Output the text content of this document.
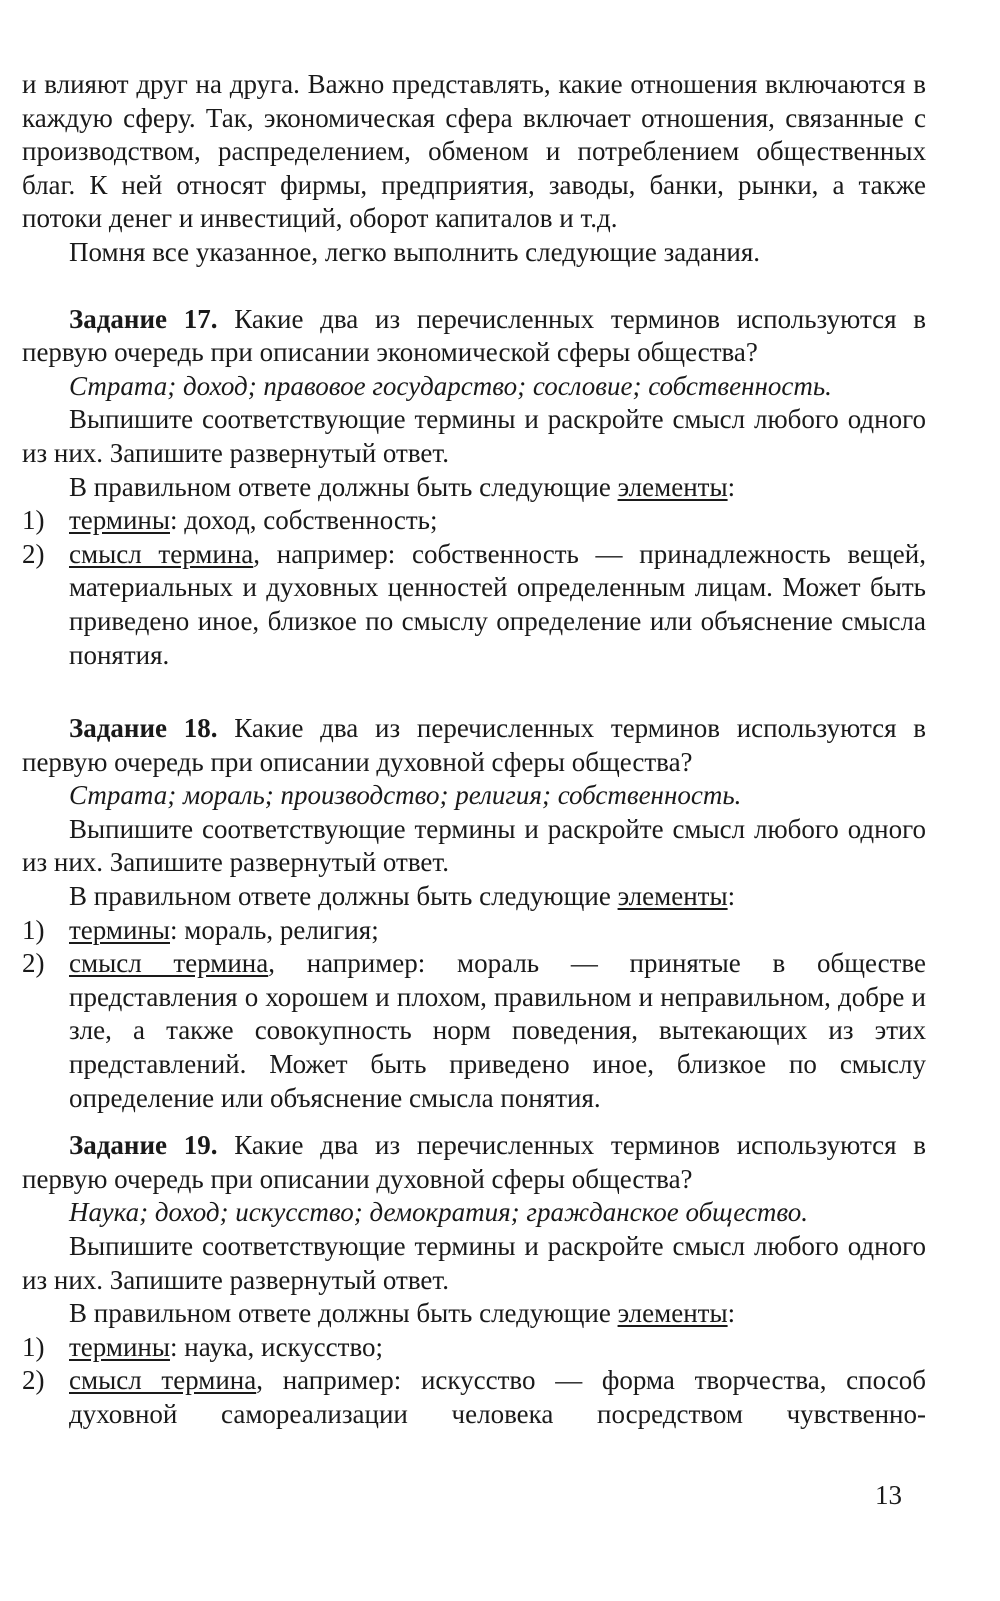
и влияют друг на друга. Важно представлять, какие отношения включаются в каждую сферу. Так, экономическая сфера включает отношения, связанные с производством, распределением, обменом и потреблением общественных благ. К ней относят фирмы, предприятия, заводы, банки, рынки, а также потоки денег и инвестиций, оборот капиталов и т.д.

Помня все указанное, легко выполнить следующие задания.

Задание 17. Какие два из перечисленных терминов используются в первую очередь при описании экономической сферы общества?

Страта; доход; правовое государство; сословие; собственность.

Выпишите соответствующие термины и раскройте смысл любого одного из них. Запишите развернутый ответ.

В правильном ответе должны быть следующие элементы:

1) термины: доход, собственность;
2) смысл термина, например: собственность — принадлежность вещей, материальных и духовных ценностей определенным лицам. Может быть приведено иное, близкое по смыслу определение или объяснение смысла понятия.

Задание 18. Какие два из перечисленных терминов используются в первую очередь при описании духовной сферы общества?

Страта; мораль; производство; религия; собственность.

Выпишите соответствующие термины и раскройте смысл любого одного из них. Запишите развернутый ответ.

В правильном ответе должны быть следующие элементы:

1) термины: мораль, религия;
2) смысл термина, например: мораль — принятые в обществе представления о хорошем и плохом, правильном и неправильном, добре и зле, а также совокупность норм поведения, вытекающих из этих представлений. Может быть приведено иное, близкое по смыслу определение или объяснение смысла понятия.

Задание 19. Какие два из перечисленных терминов используются в первую очередь при описании духовной сферы общества?

Наука; доход; искусство; демократия; гражданское общество.

Выпишите соответствующие термины и раскройте смысл любого одного из них. Запишите развернутый ответ.

В правильном ответе должны быть следующие элементы:

1) термины: наука, искусство;
2) смысл термина, например: искусство — форма творчества, способ духовной самореализации человека посредством чувственно-
13
